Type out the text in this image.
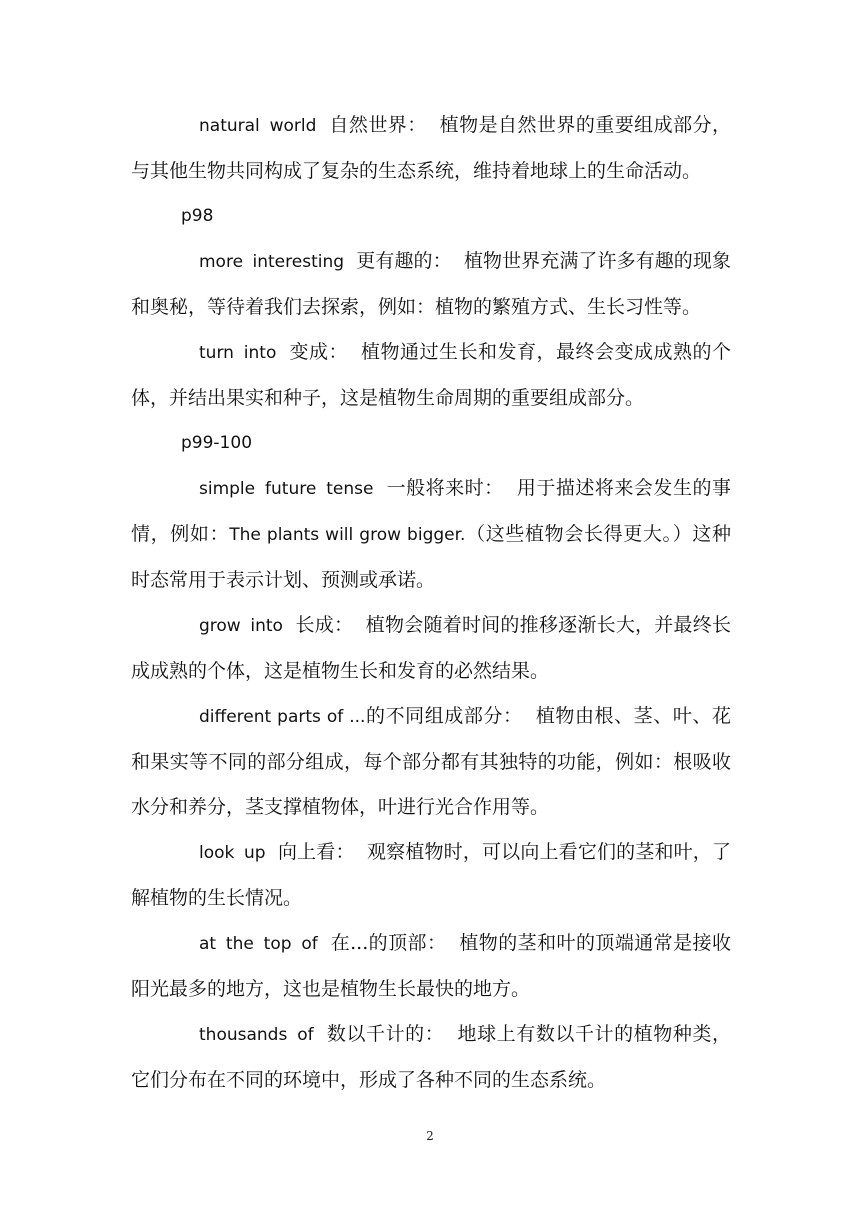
natural world 自然世界：  植物是自然世界的重要组成部分，与其他生物共同构成了复杂的生态系统，维持着地球上的生命活动。

p98

more interesting 更有趣的：  植物世界充满了许多有趣的现象和奥秘，等待着我们去探索，例如：植物的繁殖方式、生长习性等。

turn into 变成：  植物通过生长和发育，最终会变成成熟的个体，并结出果实和种子，这是植物生命周期的重要组成部分。

p99-100

simple future tense 一般将来时：  用于描述将来会发生的事情，例如：The plants will grow bigger.（这些植物会长得更大。）这种时态常用于表示计划、预测或承诺。

grow into 长成：  植物会随着时间的推移逐渐长大，并最终长成成熟的个体，这是植物生长和发育的必然结果。

different parts of ...的不同组成部分：  植物由根、茎、叶、花和果实等不同的部分组成，每个部分都有其独特的功能，例如：根吸收水分和养分，茎支撑植物体，叶进行光合作用等。

look up 向上看：  观察植物时，可以向上看它们的茎和叶，了解植物的生长情况。

at the top of 在...的顶部：  植物的茎和叶的顶端通常是接收阳光最多的地方，这也是植物生长最快的地方。

thousands of 数以千计的：  地球上有数以千计的植物种类，它们分布在不同的环境中，形成了各种不同的生态系统。

2
